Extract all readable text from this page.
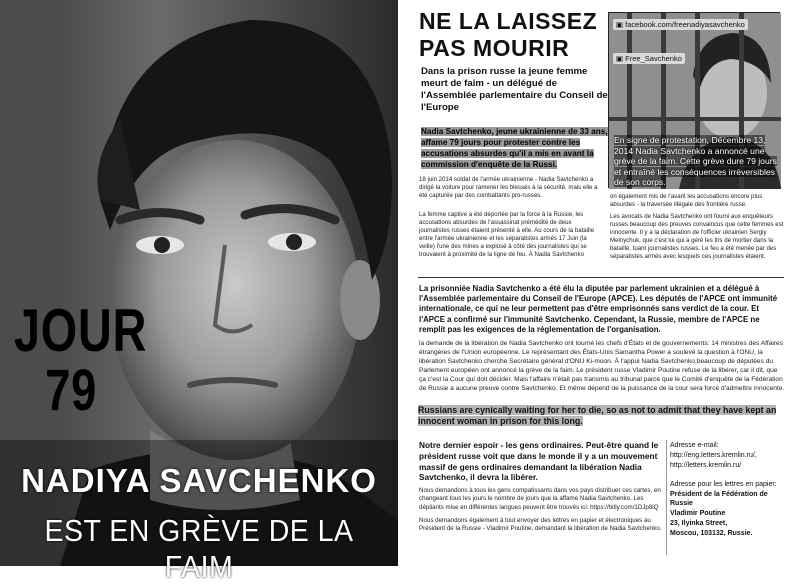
JOUR
79
NADIYA SAVCHENKO
EST EN GRÈVE DE LA FAIM
NE LA LAISSEZ
PAS MOURIR
Dans la prison russe la jeune femme meurt de faim - un délégué de l'Assemblée parlementaire du Conseil de l'Europe
Nadia Savtchenko, jeune ukrainienne de 33 ans, affame 79 jours pour protester contre les accusations absurdes qu'il a mis en avant la commission d'enquête de la Russi.
▣ facebook.com/freenadiyasavchenko
▣ Free_Savchenko
En signe de protestation, Décembre 13, 2014 Nadia Savtchenko a annoncé une grève de la faim. Cette grève dure 79 jours et entraîné les conséquences irréversibles de son corps.
18 juin 2014 soldat de l'armée ukrainienne - Nadia Savtchenko a dirigé la voiture pour ramener les blessés à la sécurité, mais elle a été capturée par des combattants pro-russes.
La femme captive a été déportée par la force à la Russie, les accusations absurdes de l'assassinat prémédité de deux journalistes russes étaient présenté à elle. Au cours de la bataille entre l'armée ukrainienne et les séparatistes armés 17 Juin (la veille) l'une des mines a explosé à côté des journalistes qui se trouvaient à proximité de la ligne de feu. À Nadia Savtchenko
on également mis de l'avant les accusations encore plus absurdes - la traversée illégale des frontière russe.
Les avocats de Nadia Savtchenko ont fourni aux enquêteurs russes beaucoup des preuves convaincus que cette femmes est innocente. Il y a la déclaration de l'officier ukrainien Sergiy Melnychuk, que c'est lui qui a géré les tirs de mortier dans la bataille, tuant journalistes russes. Le feu a été menée par des séparatistes armés avec lesquels ces journalistes étaient.
La prisonniée Nadia Savtchenko a été élu la diputée par parlement ukrainien et a délégué à l'Assemblée parlementaire du Conseil de l'Europe (APCE). Les députés de l'APCE ont immunité internationale, ce qui ne leur permettent pas d'être emprisonnés sans verdict de la cour. Et l'APCE a confirmé sur l'immunité Savtchenko. Cependant, la Russie, membre de l'APCE ne remplit pas les exigences de la réglementation de l'organisation.
la demande de la libération de Nadia Savtchenko ont tourné les chefs d'États et de gouvernements: 14 ministres des Affaires étrangères de l'Union européenne. Le représentant des États-Unis Samantha Power a soulevé la question à l'ONU, la libération Savtchenko cherche Secrétaire général d'ONU Ki-moon. À l'appui Nadia Savtchenko,beaucoup de députées du Parlement européen ont annoncé la grève de la faim. Le président russe Vladimir Poutine refuse de la libérer, car il dit, que ça c'est la Cour qui doit décider. Mais l'affaire n'était pas transmis au tribunal parce que le Comité d'enquête de la Fédération de Russie a aucune preuve contre Savtchenko. Et même dépend de la puissance de la cour sera forcé d'admettre innocente.
Russians are cynically waiting for her to die, so as not to admit that they have kept an innocent woman in prison for this long.
Notre dernier espoir - les gens ordinaires. Peut-être quand le président russe voit que dans le monde il y a un mouvement massif de gens ordinaires demandant la libération Nadia Savtchenko, il devra la libérer.
Nous demandons à tous les gens compatissants dans vos pays distribuer ces cartes, en changeant tous les jours le nombre de jours que la affame Nadia Savtchenko. Les dépliants mise en différentes langues peuvent être trouvés ici: https://bitly.com/1DJp8iQ
Nous demandons également à tout envoyer des lettres en papier et électroniques au Président de la Russie - Vladimir Poutine, demandant la libération de Nadia Savtchenko.
Adresse e-mail:
http://eng.letters.kremlin.ru/,
http://letters.kremlin.ru/
Adresse pour les lettres en papier:
Président de la Fédération de Russie
Vladimir Poutine
23, Ilyinka Street,
Moscou, 103132, Russie.
